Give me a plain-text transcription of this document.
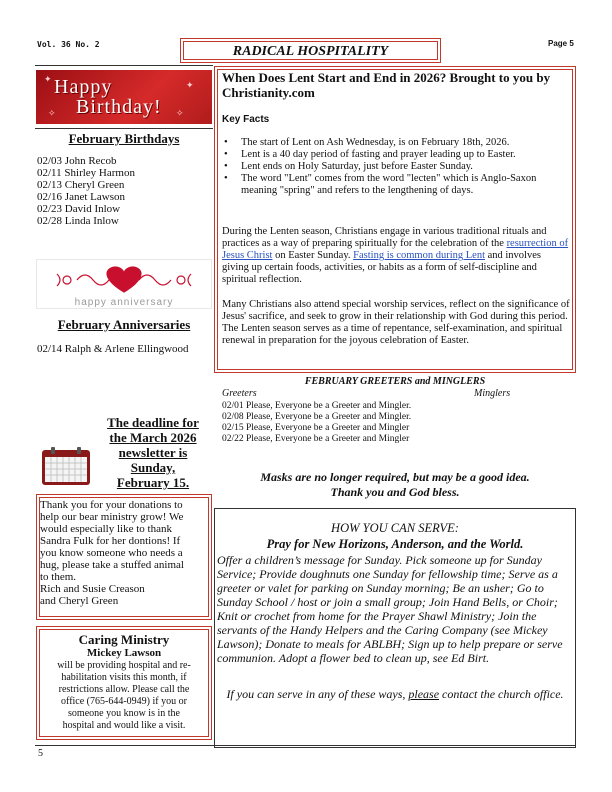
Vol. 36 No. 2	RADICAL HOSPITALITY
Page 5
✦
✦
✧
✧
Happy
Birthday!
February Birthdays
02/03 John Recob
02/11 Shirley Harmon
02/13 Cheryl Green
02/16 Janet Lawson
02/23 David Inlow
02/28 Linda Inlow
happy anniversary
February Anniversaries
02/14 Ralph & Arlene Ellingwood
The deadline for
the March 2026
newsletter is
Sunday,
February 15.
Thank you for your donations to
help our bear ministry grow! We
would especially like to thank
Sandra Fulk for her dontions! If
you know someone who needs a
hug, please take a stuffed animal
to them.
Rich and Susie Creason
and Cheryl Green
Caring Ministry
Mickey Lawson
will be providing hospital and re-
habilitation visits this month, if
restrictions allow. Please call the
office (765-644-0949) if you or
someone you know is in the
hospital and would like a visit.
When Does Lent Start and End in 2026? Brought to you by Christianity.com
Key Facts
• The start of Lent on Ash Wednesday, is on February 18th, 2026.
• Lent is a 40 day period of fasting and prayer leading up to Easter.
• Lent ends on Holy Saturday, just before Easter Sunday.
• The word "Lent" comes from the word "lecten" which is Anglo-Saxon meaning "spring" and refers to the lengthening of days.
During the Lenten season, Christians engage in various traditional rituals and practices as a way of preparing spiritually for the celebration of the resurrection of Jesus Christ on Easter Sunday. Fasting is common during Lent and involves giving up certain foods, activities, or habits as a form of self-discipline and spiritual reflection.
Many Christians also attend special worship services, reflect on the significance of Jesus' sacrifice, and seek to grow in their relationship with God during this period. The Lenten season serves as a time of repentance, self-examination, and spiritual renewal in preparation for the joyous celebration of Easter.
FEBRUARY GREETERS and MINGLERS
Greeters	Minglers
02/01 Please, Everyone be a Greeter and Mingler.
02/08 Please, Everyone be a Greeter and Mingler.
02/15 Please, Everyone be a Greeter and Mingler
02/22 Please, Everyone be a Greeter and Mingler
Masks are no longer required, but may be a good idea.
Thank you and God bless.
HOW YOU CAN SERVE:
Pray for New Horizons, Anderson, and the World.
Offer a children’s message for Sunday. Pick someone up for Sunday Service; Provide doughnuts one Sunday for fellowship time; Serve as a greeter or valet for parking on Sunday morning; Be an usher; Go to Sunday School / host or join a small group; Join Hand Bells, or Choir; Knit or crochet from home for the Prayer Shawl Ministry; Join the servants of the Handy Helpers and the Caring Company (see Mickey Lawson); Donate to meals for ABLBH; Sign up to help prepare or serve communion. Adopt a flower bed to clean up, see Ed Birt.
If you can serve in any of these ways, please contact the church office.
5
